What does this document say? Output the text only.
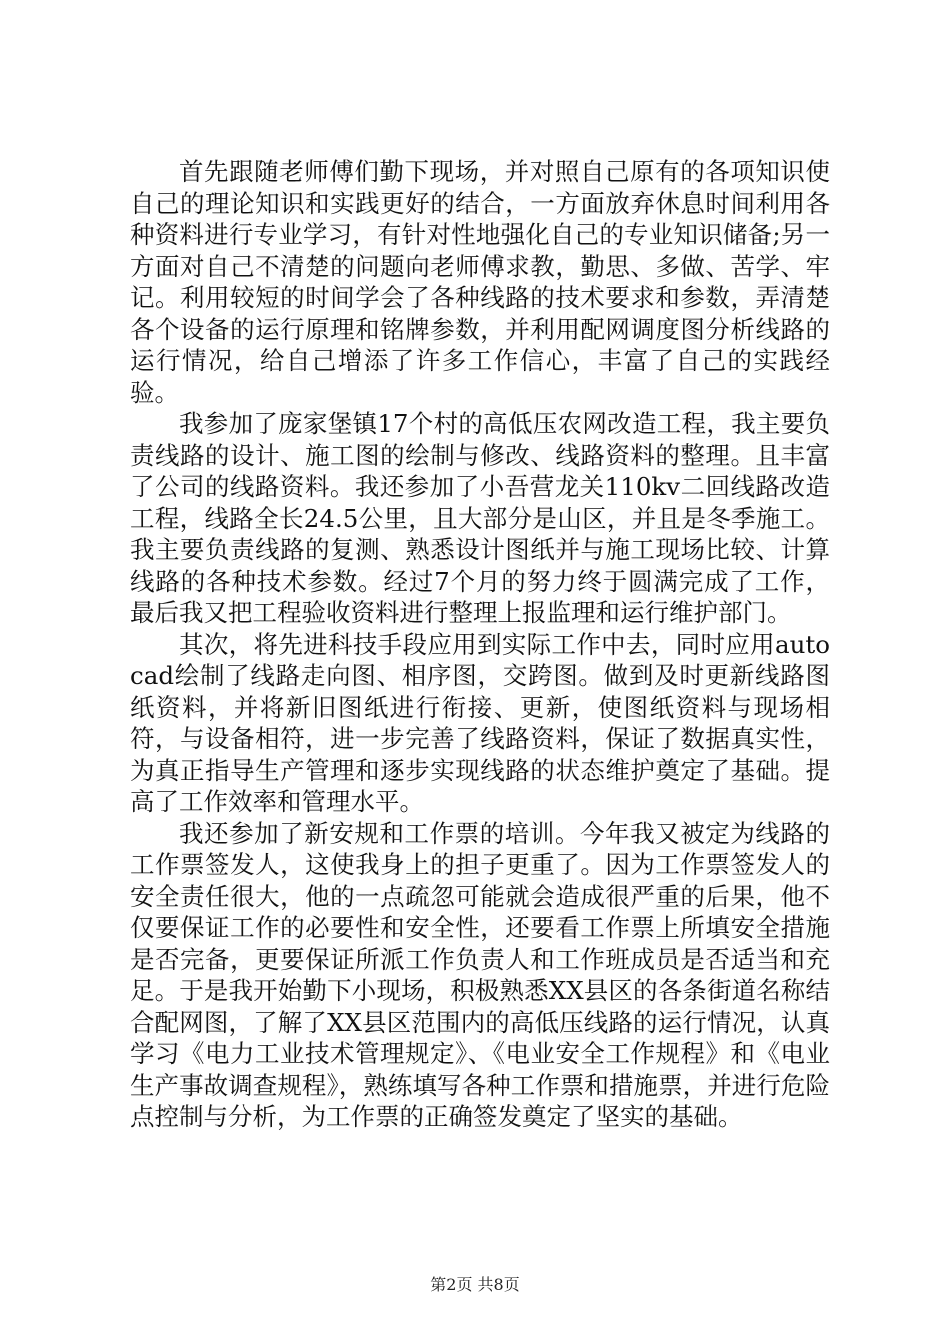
首先跟随老师傅们勤下现场，并对照自己原有的各项知识使自己的理论知识和实践更好的结合，一方面放弃休息时间利用各种资料进行专业学习，有针对性地强化自己的专业知识储备;另一方面对自己不清楚的问题向老师傅求教，勤思、多做、苦学、牢记。利用较短的时间学会了各种线路的技术要求和参数，弄清楚各个设备的运行原理和铭牌参数，并利用配网调度图分析线路的运行情况，给自己增添了许多工作信心，丰富了自己的实践经验。

我参加了庞家堡镇17个村的高低压农网改造工程，我主要负责线路的设计、施工图的绘制与修改、线路资料的整理。且丰富了公司的线路资料。我还参加了小吾营龙关110kv二回线路改造工程，线路全长24.5公里，且大部分是山区，并且是冬季施工。我主要负责线路的复测、熟悉设计图纸并与施工现场比较、计算线路的各种技术参数。经过7个月的努力终于圆满完成了工作，最后我又把工程验收资料进行整理上报监理和运行维护部门。

其次，将先进科技手段应用到实际工作中去，同时应用autocad绘制了线路走向图、相序图，交跨图。做到及时更新线路图纸资料，并将新旧图纸进行衔接、更新，使图纸资料与现场相符，与设备相符，进一步完善了线路资料，保证了数据真实性，为真正指导生产管理和逐步实现线路的状态维护奠定了基础。提高了工作效率和管理水平。

我还参加了新安规和工作票的培训。今年我又被定为线路的工作票签发人，这使我身上的担子更重了。因为工作票签发人的安全责任很大，他的一点疏忽可能就会造成很严重的后果，他不仅要保证工作的必要性和安全性，还要看工作票上所填安全措施是否完备，更要保证所派工作负责人和工作班成员是否适当和充足。于是我开始勤下小现场，积极熟悉XX县区的各条街道名称结合配网图，了解了XX县区范围内的高低压线路的运行情况，认真学习《电力工业技术管理规定》、《电业安全工作规程》和《电业生产事故调查规程》，熟练填写各种工作票和措施票，并进行危险点控制与分析，为工作票的正确签发奠定了坚实的基础。

第2页 共8页
